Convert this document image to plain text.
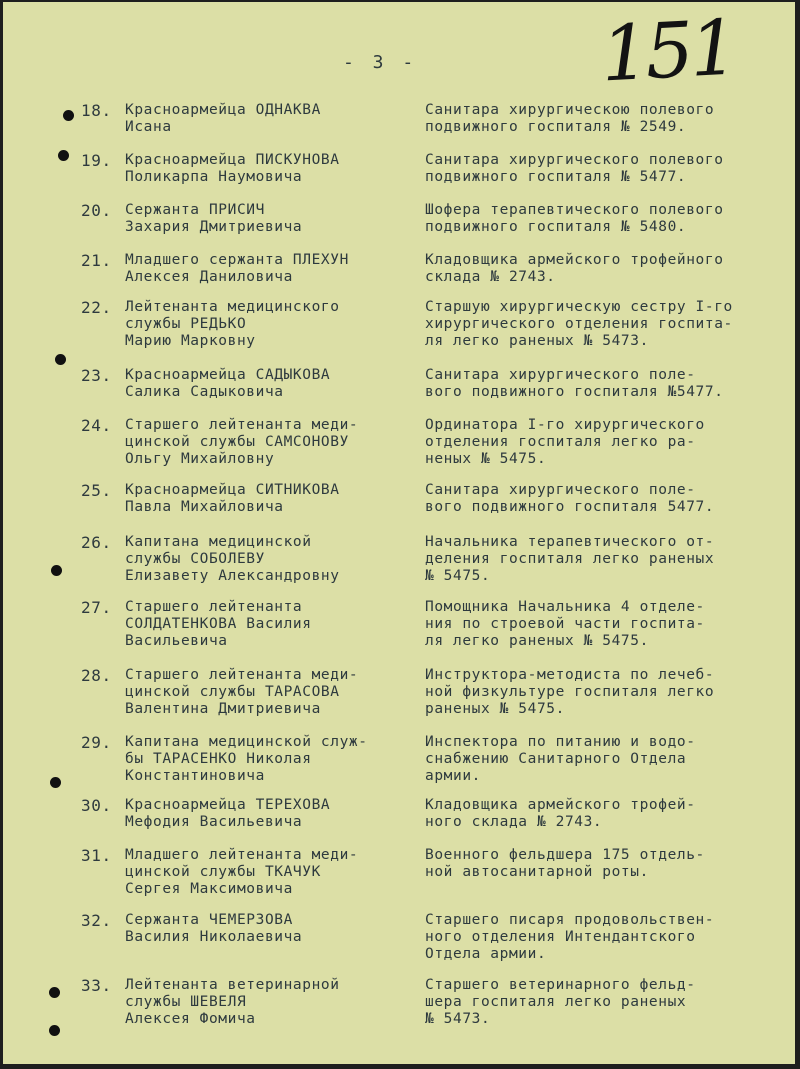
- 3 - 151
18. Красноармейца ОДНАКВА
Исана
Санитара хирургическою полевого
подвижного госпиталя № 2549.
19. Красноармейца ПИСКУНОВА
Поликарпа Наумовича
Санитара хирургического полевого
подвижного госпиталя № 5477.
20. Сержанта ПРИСИЧ
Захария Дмитриевича
Шофера терапевтического полевого
подвижного госпиталя № 5480.
21. Младшего сержанта ПЛЕХУН
Алексея Даниловича
Кладовщика армейского трофейного
склада № 2743.
22. Лейтенанта медицинского
службы РЕДЬКО
Марию Марковну
Старшую хирургическую сестру I-го
хирургического отделения госпита-
ля легко раненых № 5473.
23. Красноармейца САДЫКОВА
Салика Садыковича
Санитара хирургического поле-
вого подвижного госпиталя №5477.
24. Старшего лейтенанта меди-
цинской службы САМСОНОВУ
Ольгу Михайловну
Ординатора I-го хирургического
отделения госпиталя легко ра-
неных № 5475.
25. Красноармейца СИТНИКОВА
Павла Михайловича
Санитара хирургического поле-
вого подвижного госпиталя 5477.
26. Капитана медицинской
службы СОБОЛЕВУ
Елизавету Александровну
Начальника терапевтического от-
деления госпиталя легко раненых
№ 5475.
27. Старшего лейтенанта
СОЛДАТЕНКОВА Василия
Васильевича
Помощника Начальника 4 отделе-
ния по строевой части госпита-
ля легко раненых № 5475.
28. Старшего лейтенанта меди-
цинской службы ТАРАСОВА
Валентина Дмитриевича
Инструктора-методиста по лечеб-
ной физкультуре госпиталя легко
раненых № 5475.
29. Капитана медицинской служ-
бы ТАРАСЕНКО Николая
Константиновича
Инспектора по питанию и водо-
снабжению Санитарного Отдела
армии.
30. Красноармейца ТЕРЕХОВА
Мефодия Васильевича
Кладовщика армейского трофей-
ного склада № 2743.
31. Младшего лейтенанта меди-
цинской службы ТКАЧУК
Сергея Максимовича
Военного фельдшера 175 отдель-
ной автосанитарной роты.
32. Сержанта ЧЕМЕРЗОВА
Василия Николаевича
Старшего писаря продовольствен-
ного отделения Интендантского
Отдела армии.
33. Лейтенанта ветеринарной
службы ШЕВЕЛЯ
Алексея Фомича
Старшего ветеринарного фельд-
шера госпиталя легко раненых
№ 5473.
